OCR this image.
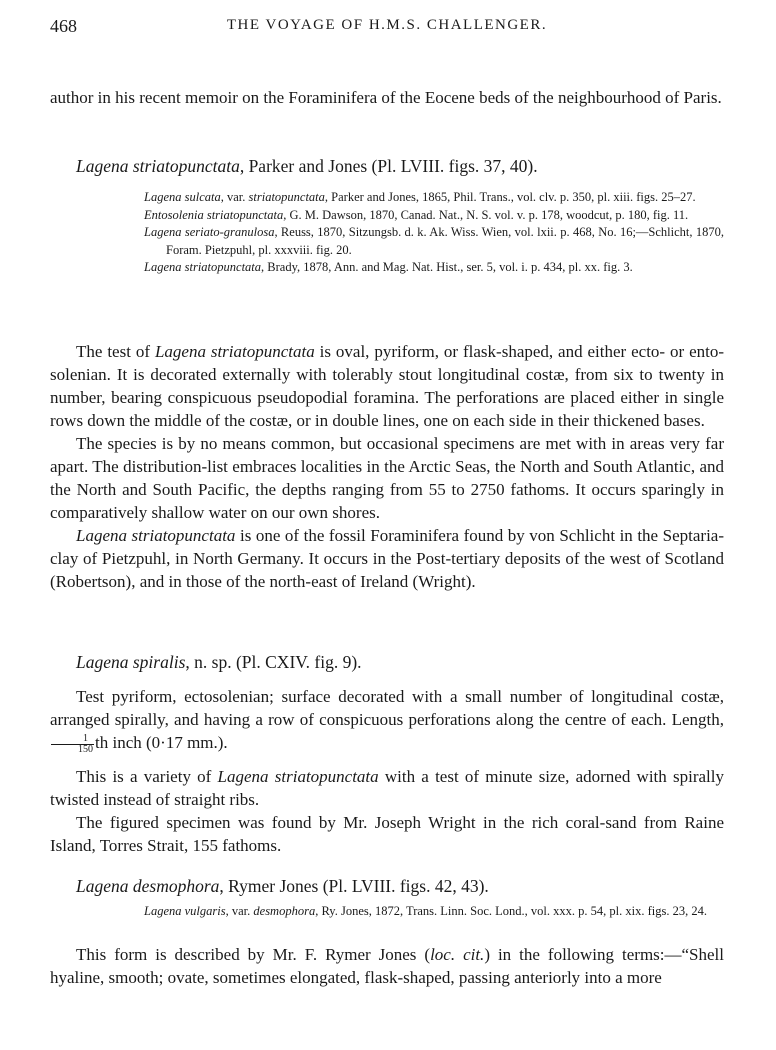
468	THE VOYAGE OF H.M.S. CHALLENGER.

author in his recent memoir on the Foraminifera of the Eocene beds of the neighbourhood of Paris.

Lagena striatopunctata, Parker and Jones (Pl. LVIII. figs. 37, 40).

Lagena sulcata, var. striatopunctata, Parker and Jones, 1865, Phil. Trans., vol. clv. p. 350, pl. xiii. figs. 25–27.

Entosolenia striatopunctata, G. M. Dawson, 1870, Canad. Nat., N. S. vol. v. p. 178, woodcut, p. 180, fig. 11.

Lagena seriato-granulosa, Reuss, 1870, Sitzungsb. d. k. Ak. Wiss. Wien, vol. lxii. p. 468, No. 16;—Schlicht, 1870, Foram. Pietzpuhl, pl. xxxviii. fig. 20.

Lagena striatopunctata, Brady, 1878, Ann. and Mag. Nat. Hist., ser. 5, vol. i. p. 434, pl. xx. fig. 3.

The test of Lagena striatopunctata is oval, pyriform, or flask-shaped, and either ecto- or ento-solenian. It is decorated externally with tolerably stout longitudinal costæ, from six to twenty in number, bearing conspicuous pseudopodial foramina. The perforations are placed either in single rows down the middle of the costæ, or in double lines, one on each side in their thickened bases.

The species is by no means common, but occasional specimens are met with in areas very far apart. The distribution-list embraces localities in the Arctic Seas, the North and South Atlantic, and the North and South Pacific, the depths ranging from 55 to 2750 fathoms. It occurs sparingly in comparatively shallow water on our own shores.

Lagena striatopunctata is one of the fossil Foraminifera found by von Schlicht in the Septaria-clay of Pietzpuhl, in North Germany. It occurs in the Post-tertiary deposits of the west of Scotland (Robertson), and in those of the north-east of Ireland (Wright).

Lagena spiralis, n. sp. (Pl. CXIV. fig. 9).

Test pyriform, ectosolenian; surface decorated with a small number of longitudinal costæ, arranged spirally, and having a row of conspicuous perforations along the centre of each. Length,
$\frac{1}{150}$ th inch (0·17 mm.).

This is a variety of Lagena striatopunctata with a test of minute size, adorned with spirally twisted instead of straight ribs.

The figured specimen was found by Mr. Joseph Wright in the rich coral-sand from Raine Island, Torres Strait, 155 fathoms.

Lagena desmophora, Rymer Jones (Pl. LVIII. figs. 42, 43).

Lagena vulgaris, var. desmophora, Ry. Jones, 1872, Trans. Linn. Soc. Lond., vol. xxx. p. 54, pl. xix. figs. 23, 24.

This form is described by Mr. F. Rymer Jones (loc. cit.) in the following terms:—“Shell hyaline, smooth; ovate, sometimes elongated, flask-shaped, passing anteriorly into a more
